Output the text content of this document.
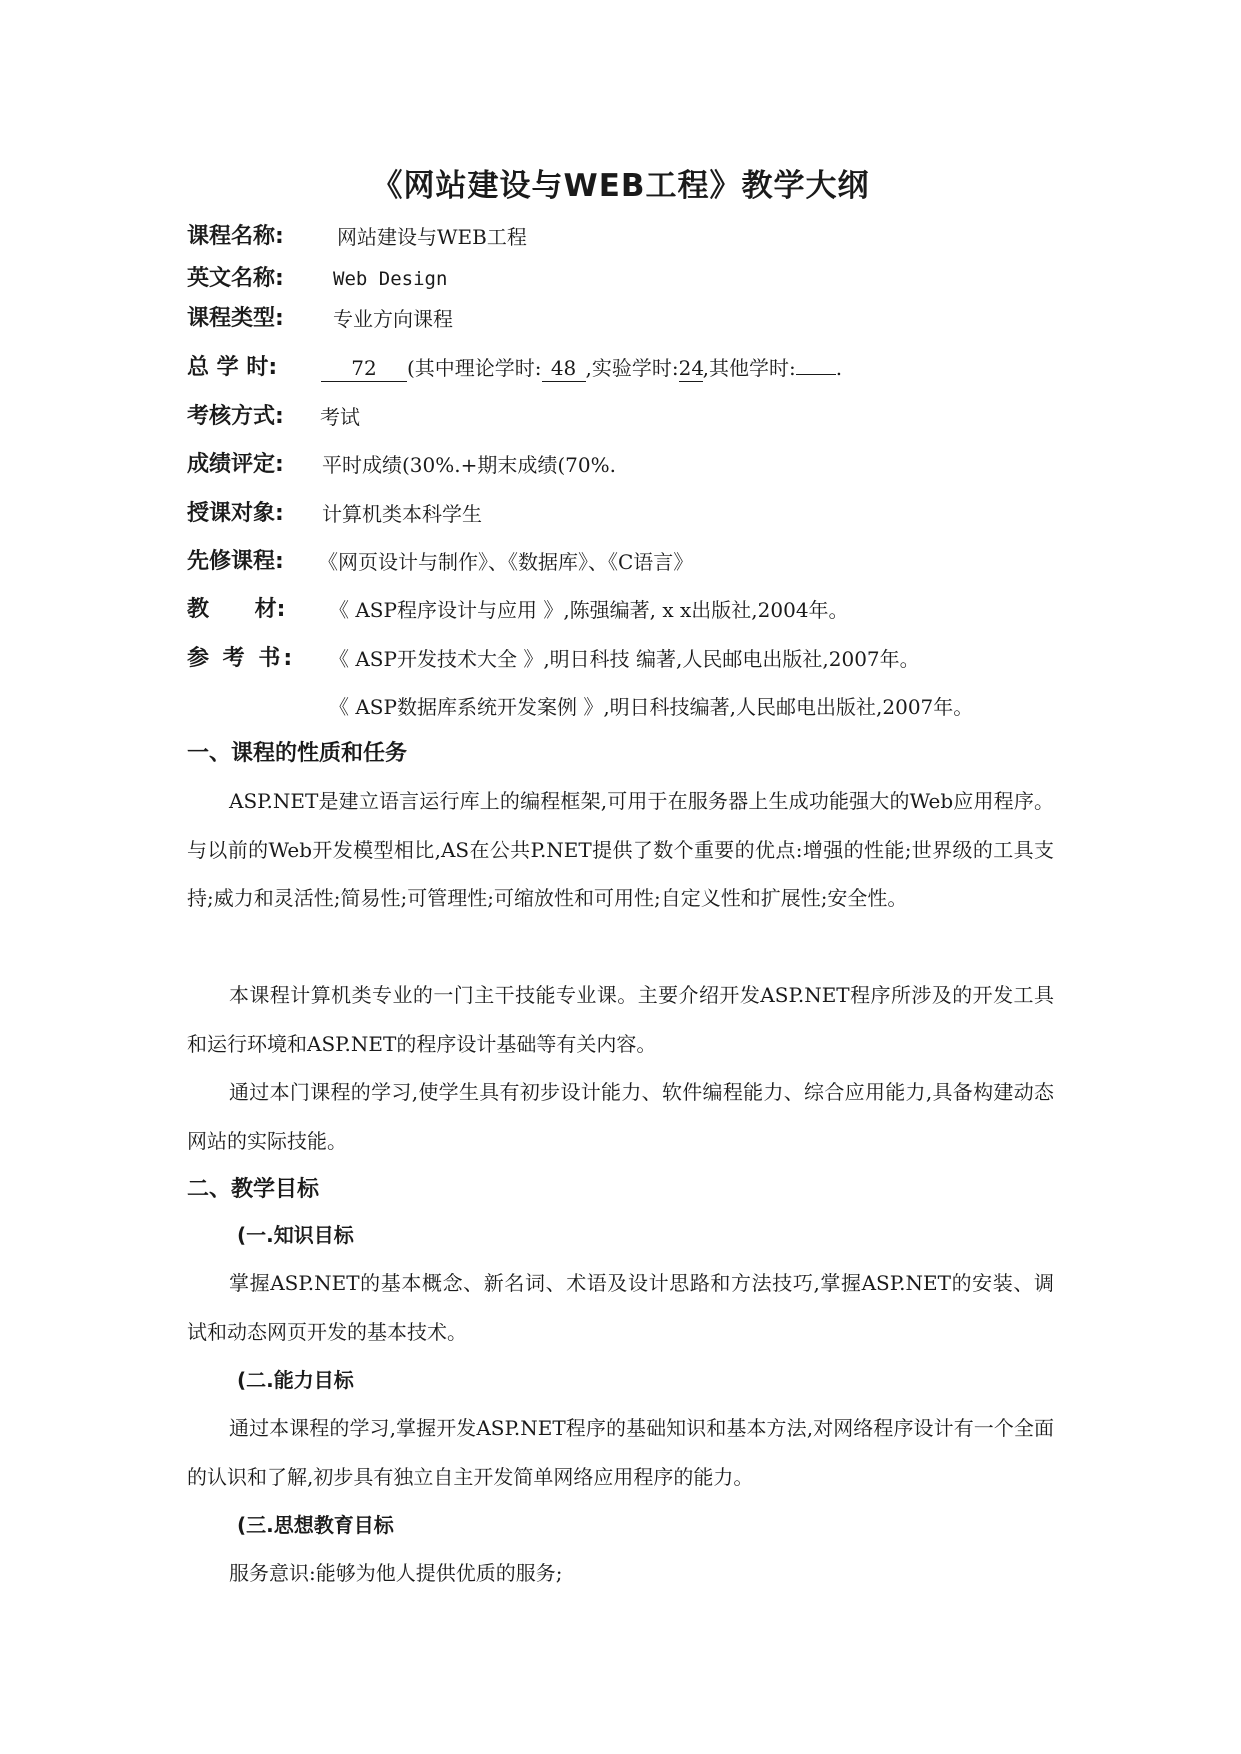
《网站建设与WEB工程》教学大纲
课程名称:	网站建设与WEB工程
英文名称:	Web Design
课程类型: 专业方向课程
总 学 时:	72 (其中理论学时: 48 ,实验学时:24,其他学时: .
考核方式: 考试
成绩评定: 平时成绩(30%.+期末成绩(70%.
授课对象: 计算机类本科学生
先修课程: 《网页设计与制作》、《数据库》、《C语言》
教 材: 《 ASP程序设计与应用 》,陈强编著, x x出版社,2004年。
参 考 书: 《 ASP开发技术大全 》,明日科技 编著,人民邮电出版社,2007年。
《 ASP数据库系统开发案例 》,明日科技编著,人民邮电出版社,2007年。
一、课程的性质和任务
ASP.NET是建立语言运行库上的编程框架,可用于在服务器上生成功能强大的Web应用程序。与以前的Web开发模型相比,AS在公共P.NET提供了数个重要的优点:增强的性能;世界级的工具支持;威力和灵活性;简易性;可管理性;可缩放性和可用性;自定义性和扩展性;安全性。
本课程计算机类专业的一门主干技能专业课。主要介绍开发ASP.NET程序所涉及的开发工具和运行环境和ASP.NET的程序设计基础等有关内容。
通过本门课程的学习,使学生具有初步设计能力、软件编程能力、综合应用能力,具备构建动态网站的实际技能。
二、教学目标
(一.知识目标
掌握ASP.NET的基本概念、新名词、术语及设计思路和方法技巧,掌握ASP.NET的安装、调试和动态网页开发的基本技术。
(二.能力目标
通过本课程的学习,掌握开发ASP.NET程序的基础知识和基本方法,对网络程序设计有一个全面的认识和了解,初步具有独立自主开发简单网络应用程序的能力。
(三.思想教育目标
服务意识:能够为他人提供优质的服务;
